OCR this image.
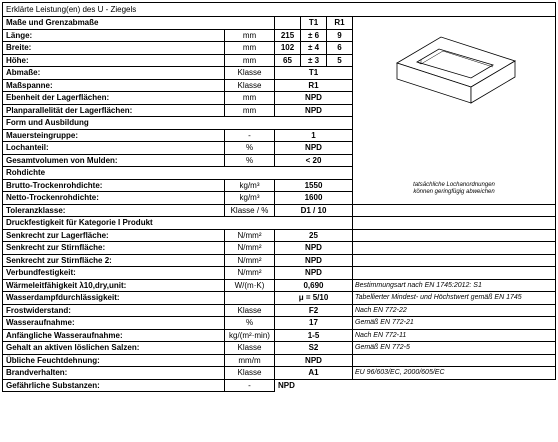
Erklärte Leistung(en) des U - Ziegels					
Maße und Grenzabmaße			T1	R1	tatsächliche Lochanordnungen
können geringfügig abweichen

Länge:	mm	215	± 6	9	
Breite:	mm	102	± 4	6	
Höhe:	mm	65	± 3	5	
Abmaße:	Klasse	T1			
Maßspanne:	Klasse	R1			
Ebenheit der Lagerflächen:	mm	NPD			
Planparallelität der Lagerflächen:	mm	NPD			
Form und Ausbildung					
Mauersteingruppe:	-	1			
Lochanteil:	%	NPD			
Gesamtvolumen von Mulden:	%	< 20			
Rohdichte					
Brutto-Trockenrohdichte:	kg/m³	1550			
Netto-Trockenrohdichte:	kg/m³	1600			
Toleranzklasse:	Klasse / %	D1 / 10			
Druckfestigkeit für Kategorie I Produkt					
Senkrecht zur Lagerfläche:	N/mm²	25			
Senkrecht zur Stirnfläche:	N/mm²	NPD			
Senkrecht zur Stirnfläche 2:	N/mm²	NPD			
Verbundfestigkeit:	N/mm²	NPD			
Wärmeleitfähigkeit λ10,dry,unit:	W/(m·K)	0,690			Bestimmungsart nach EN 1745:2012: S1
Wasserdampfdurchlässigkeit:		μ = 5/10			Tabellierter Mindest- und Höchstwert gemäß EN 1745
Frostwiderstand:	Klasse	F2			Nach EN 772-22
Wasseraufnahme:	%	17			Gemäß EN 772-21
Anfängliche Wasseraufnahme:	kg/(m²·min)	1-5			Nach EN 772-11
Gehalt an aktiven löslichen Salzen:	Klasse	S2			Gemäß EN 772-5
Übliche Feuchtdehnung:	mm/m	NPD			
Brandverhalten:	Klasse	A1			EU 96/603/EC, 2000/605/EC
Gefährliche Substanzen:	-	NPD			
